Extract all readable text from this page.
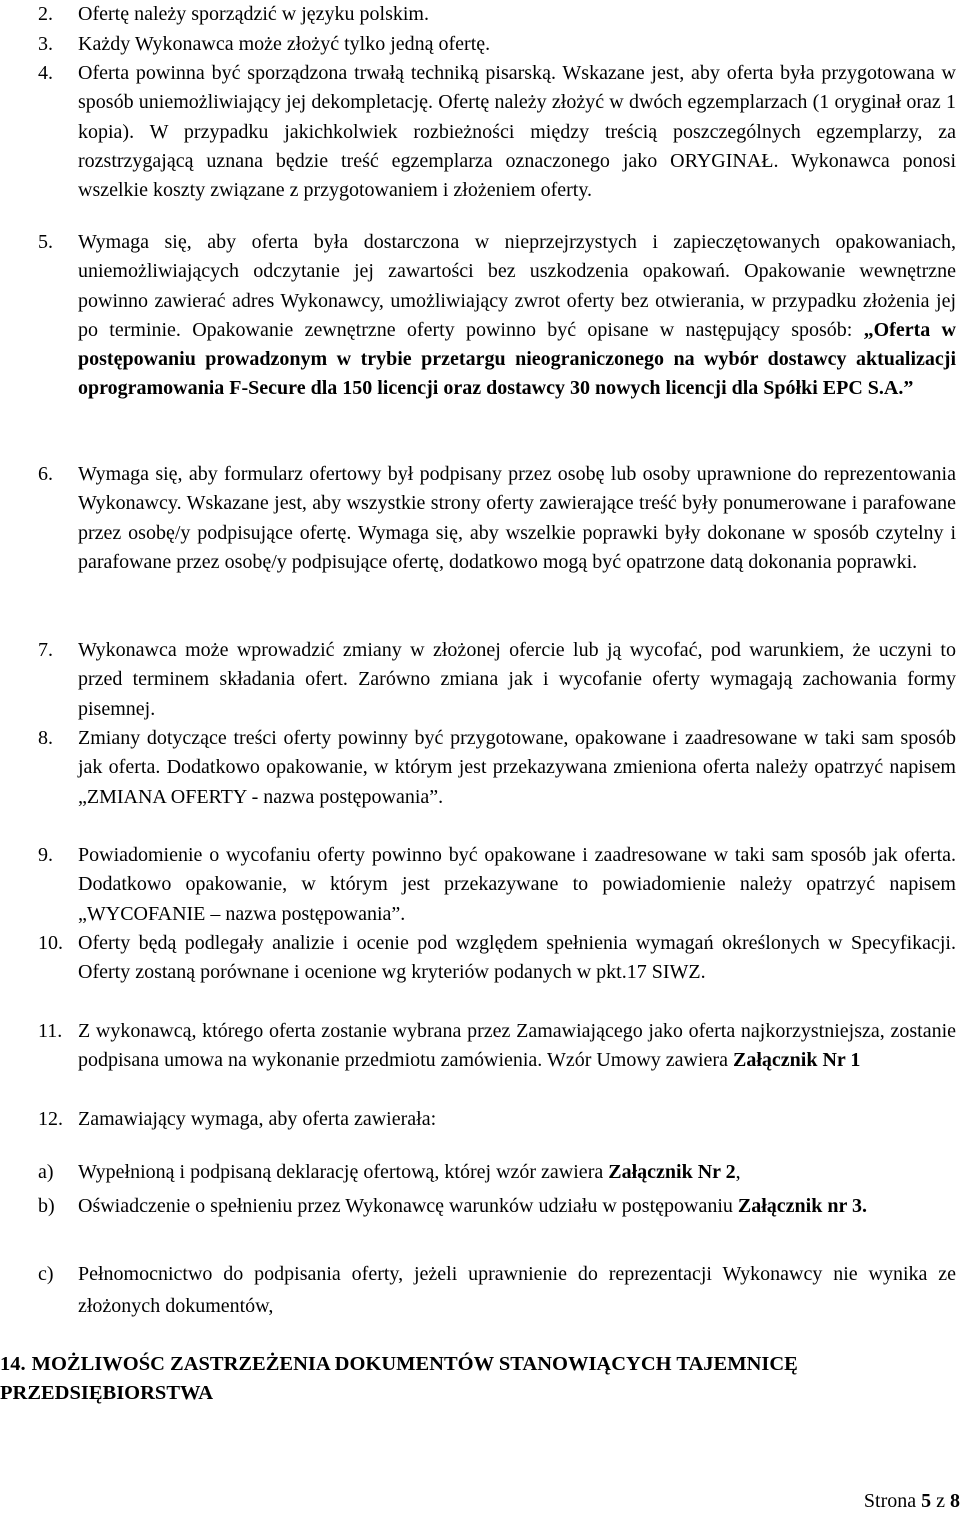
2. Ofertę należy sporządzić w języku polskim.
3. Każdy Wykonawca może złożyć tylko jedną ofertę.
4. Oferta powinna być sporządzona trwałą techniką pisarską. Wskazane jest, aby oferta była przygotowana w sposób uniemożliwiający jej dekompletację. Ofertę należy złożyć w dwóch egzemplarzach (1 oryginał oraz 1 kopia). W przypadku jakichkolwiek rozbieżności między treścią poszczególnych egzemplarzy, za rozstrzygającą uznana będzie treść egzemplarza oznaczonego jako ORYGINAŁ. Wykonawca ponosi wszelkie koszty związane z przygotowaniem i złożeniem oferty.
5. Wymaga się, aby oferta była dostarczona w nieprzejrzystych i zapieczętowanych opakowaniach, uniemożliwiających odczytanie jej zawartości bez uszkodzenia opakowań. Opakowanie wewnętrzne powinno zawierać adres Wykonawcy, umożliwiający zwrot oferty bez otwierania, w przypadku złożenia jej po terminie. Opakowanie zewnętrzne oferty powinno być opisane w następujący sposób: „Oferta w postępowaniu prowadzonym w trybie przetargu nieograniczonego na wybór dostawcy aktualizacji oprogramowania F-Secure dla 150 licencji oraz dostawcy 30 nowych licencji dla Spółki EPC S.A.”
6. Wymaga się, aby formularz ofertowy był podpisany przez osobę lub osoby uprawnione do reprezentowania Wykonawcy. Wskazane jest, aby wszystkie strony oferty zawierające treść były ponumerowane i parafowane przez osobę/y podpisujące ofertę. Wymaga się, aby wszelkie poprawki były dokonane w sposób czytelny i parafowane przez osobę/y podpisujące ofertę, dodatkowo mogą być opatrzone datą dokonania poprawki.
7. Wykonawca może wprowadzić zmiany w złożonej ofercie lub ją wycofać, pod warunkiem, że uczyni to przed terminem składania ofert. Zarówno zmiana jak i wycofanie oferty wymagają zachowania formy pisemnej.
8. Zmiany dotyczące treści oferty powinny być przygotowane, opakowane i zaadresowane w taki sam sposób jak oferta. Dodatkowo opakowanie, w którym jest przekazywana zmieniona oferta należy opatrzyć napisem „ZMIANA OFERTY - nazwa postępowania”.
9. Powiadomienie o wycofaniu oferty powinno być opakowane i zaadresowane w taki sam sposób jak oferta. Dodatkowo opakowanie, w którym jest przekazywane to powiadomienie należy opatrzyć napisem „WYCOFANIE – nazwa postępowania”.
10. Oferty będą podlegały analizie i ocenie pod względem spełnienia wymagań określonych w Specyfikacji. Oferty zostaną porównane i ocenione wg kryteriów podanych w pkt.17 SIWZ.
11. Z wykonawcą, którego oferta zostanie wybrana przez Zamawiającego jako oferta najkorzystniejsza, zostanie podpisana umowa na wykonanie przedmiotu zamówienia. Wzór Umowy zawiera Załącznik Nr 1
12. Zamawiający wymaga, aby oferta zawierała:
a) Wypełnioną i podpisaną deklarację ofertową, której wzór zawiera Załącznik Nr 2,
b) Oświadczenie o spełnieniu przez Wykonawcę warunków udziału w postępowaniu Załącznik nr 3.
c) Pełnomocnictwo do podpisania oferty, jeżeli uprawnienie do reprezentacji Wykonawcy nie wynika ze złożonych dokumentów,
14. MOŻLIWOŚC ZASTRZEŻENIA DOKUMENTÓW STANOWIĄCYCH TAJEMNICĘ PRZEDSIĘBIORSTWA
Strona 5 z 8
